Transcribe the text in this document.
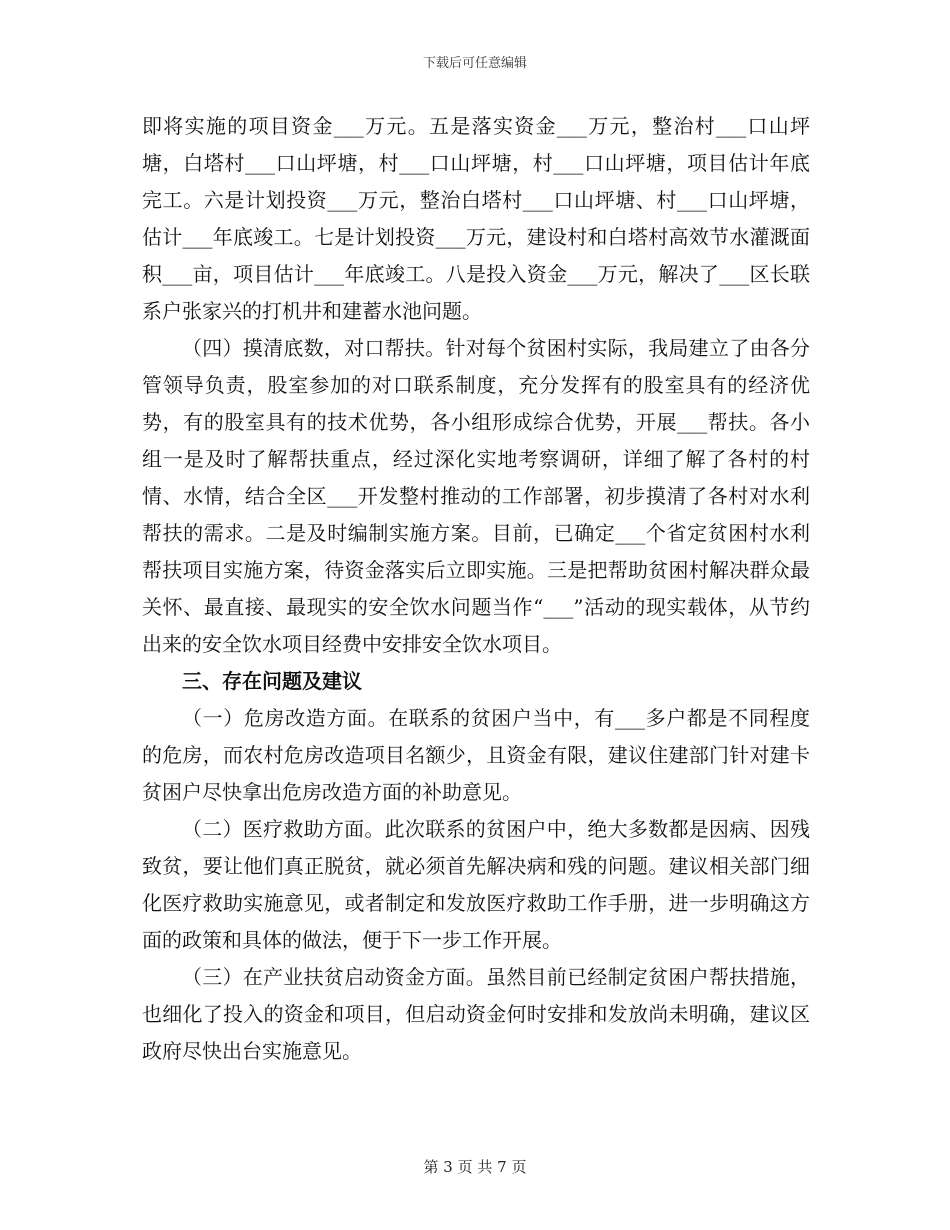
下载后可任意编辑

即将实施的项目资金___万元。五是落实资金___万元，整治村___口山坪塘，白塔村___口山坪塘，村___口山坪塘，村___口山坪塘，项目估计年底完工。六是计划投资___万元，整治白塔村___口山坪塘、村___口山坪塘，估计___年底竣工。七是计划投资___万元，建设村和白塔村高效节水灌溉面积___亩，项目估计___年底竣工。八是投入资金___万元，解决了___区长联系户张家兴的打机井和建蓄水池问题。

（四）摸清底数，对口帮扶。针对每个贫困村实际，我局建立了由各分管领导负责，股室参加的对口联系制度，充分发挥有的股室具有的经济优势，有的股室具有的技术优势，各小组形成综合优势，开展___帮扶。各小组一是及时了解帮扶重点，经过深化实地考察调研，详细了解了各村的村情、水情，结合全区___开发整村推动的工作部署，初步摸清了各村对水利帮扶的需求。二是及时编制实施方案。目前，已确定___个省定贫困村水利帮扶项目实施方案，待资金落实后立即实施。三是把帮助贫困村解决群众最关怀、最直接、最现实的安全饮水问题当作“___”活动的现实载体，从节约出来的安全饮水项目经费中安排安全饮水项目。

三、存在问题及建议

（一）危房改造方面。在联系的贫困户当中，有___多户都是不同程度的危房，而农村危房改造项目名额少，且资金有限，建议住建部门针对建卡贫困户尽快拿出危房改造方面的补助意见。

（二）医疗救助方面。此次联系的贫困户中，绝大多数都是因病、因残致贫，要让他们真正脱贫，就必须首先解决病和残的问题。建议相关部门细化医疗救助实施意见，或者制定和发放医疗救助工作手册，进一步明确这方面的政策和具体的做法，便于下一步工作开展。

（三）在产业扶贫启动资金方面。虽然目前已经制定贫困户帮扶措施，也细化了投入的资金和项目，但启动资金何时安排和发放尚未明确，建议区政府尽快出台实施意见。

第 3 页 共 7 页
